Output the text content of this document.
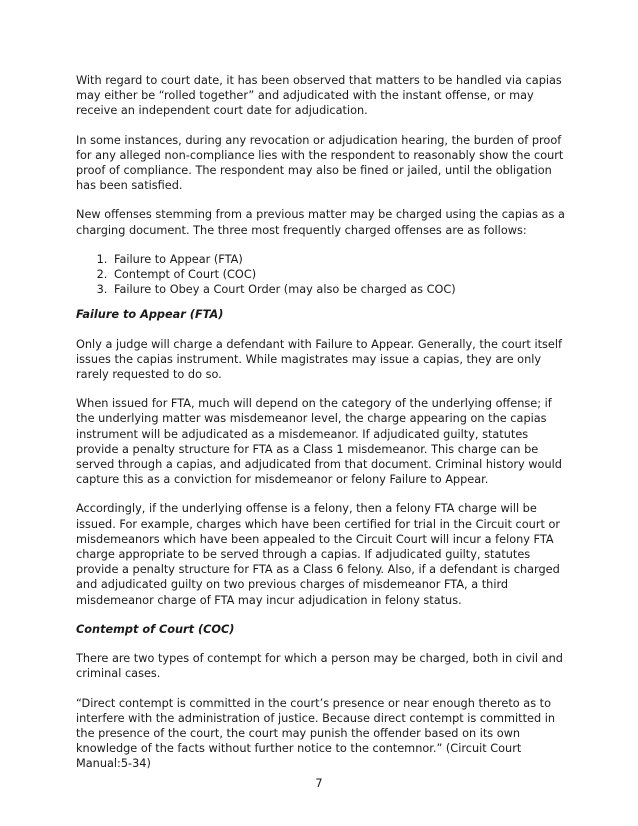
With regard to court date, it has been observed that matters to be handled via capias may either be “rolled together” and adjudicated with the instant offense, or may receive an independent court date for adjudication.

In some instances, during any revocation or adjudication hearing, the burden of proof for any alleged non-compliance lies with the respondent to reasonably show the court proof of compliance. The respondent may also be fined or jailed, until the obligation has been satisfied.

New offenses stemming from a previous matter may be charged using the capias as a charging document. The three most frequently charged offenses are as follows:

1. Failure to Appear (FTA)
2. Contempt of Court (COC)
3. Failure to Obey a Court Order (may also be charged as COC)
Failure to Appear (FTA)

Only a judge will charge a defendant with Failure to Appear. Generally, the court itself issues the capias instrument. While magistrates may issue a capias, they are only rarely requested to do so.

When issued for FTA, much will depend on the category of the underlying offense; if the underlying matter was misdemeanor level, the charge appearing on the capias instrument will be adjudicated as a misdemeanor. If adjudicated guilty, statutes provide a penalty structure for FTA as a Class 1 misdemeanor. This charge can be served through a capias, and adjudicated from that document. Criminal history would capture this as a conviction for misdemeanor or felony Failure to Appear.

Accordingly, if the underlying offense is a felony, then a felony FTA charge will be issued. For example, charges which have been certified for trial in the Circuit court or misdemeanors which have been appealed to the Circuit Court will incur a felony FTA charge appropriate to be served through a capias. If adjudicated guilty, statutes provide a penalty structure for FTA as a Class 6 felony. Also, if a defendant is charged and adjudicated guilty on two previous charges of misdemeanor FTA, a third misdemeanor charge of FTA may incur adjudication in felony status.

Contempt of Court (COC)

There are two types of contempt for which a person may be charged, both in civil and criminal cases.

“Direct contempt is committed in the court’s presence or near enough thereto as to interfere with the administration of justice. Because direct contempt is committed in the presence of the court, the court may punish the offender based on its own knowledge of the facts without further notice to the contemnor.” (Circuit Court Manual:5-34)

7
